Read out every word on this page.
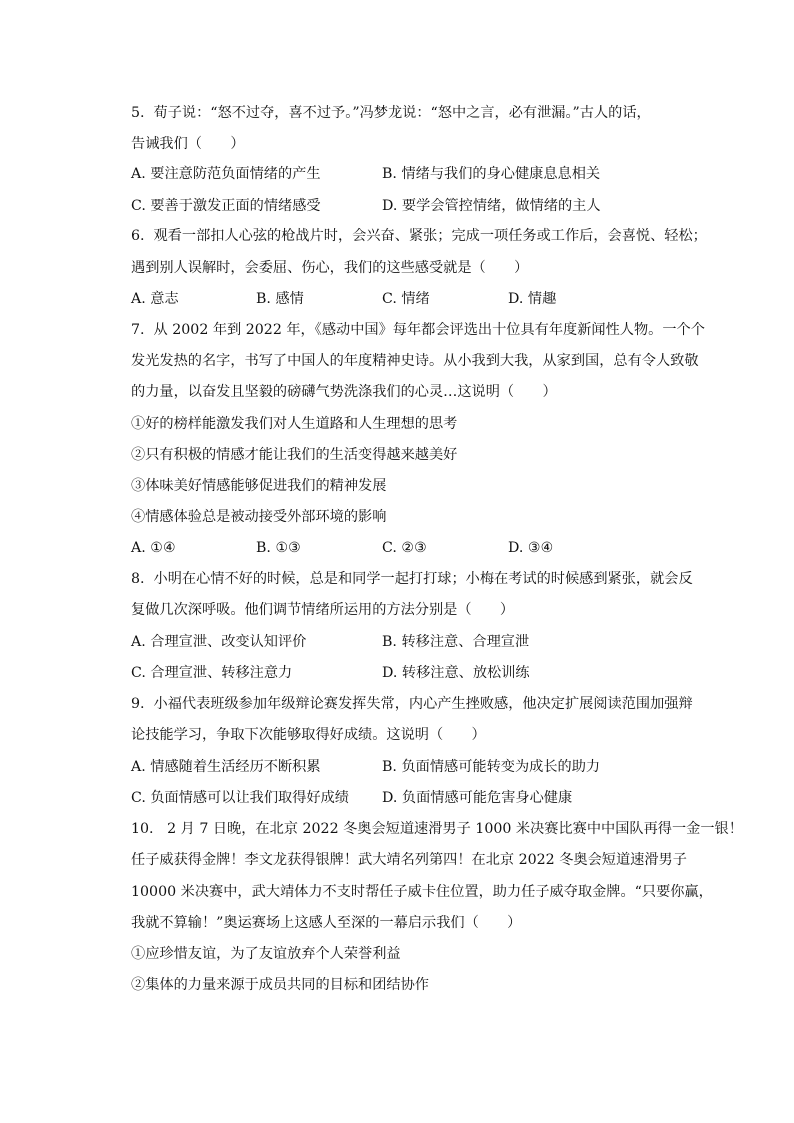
5.  荀子说：“怒不过夺，喜不过予。”冯梦龙说：“怒中之言，必有泄漏。”古人的话，
告诫我们（　　）
A. 要注意防范负面情绪的产生	B. 情绪与我们的身心健康息息相关
C. 要善于激发正面的情绪感受	D. 要学会管控情绪，做情绪的主人
6.  观看一部扣人心弦的枪战片时，会兴奋、紧张；完成一项任务或工作后，会喜悦、轻松；
遇到别人误解时，会委屈、伤心，我们的这些感受就是（　　）
A. 意志	B. 感情	C. 情绪	D. 情趣
7.  从 2002 年到 2022 年，《感动中国》每年都会评选出十位具有年度新闻性人物。一个个
发光发热的名字，书写了中国人的年度精神史诗。从小我到大我，从家到国，总有令人致敬
的力量，以奋发且坚毅的磅礴气势洗涤我们的心灵…这说明（　　）
①好的榜样能激发我们对人生道路和人生理想的思考
②只有积极的情感才能让我们的生活变得越来越美好
③体味美好情感能够促进我们的精神发展
④情感体验总是被动接受外部环境的影响
A. ①④	B. ①③	C. ②③	D. ③④
8.  小明在心情不好的时候，总是和同学一起打打球；小梅在考试的时候感到紧张，就会反
复做几次深呼吸。他们调节情绪所运用的方法分别是（　　）
A. 合理宣泄、改变认知评价	B. 转移注意、合理宣泄
C. 合理宣泄、转移注意力	D. 转移注意、放松训练
9.  小福代表班级参加年级辩论赛发挥失常，内心产生挫败感，他决定扩展阅读范围加强辩
论技能学习，争取下次能够取得好成绩。这说明（　　）
A. 情感随着生活经历不断积累	B. 负面情感可能转变为成长的助力
C. 负面情感可以让我们取得好成绩 D. 负面情感可能危害身心健康
10.   2 月 7 日晚，在北京 2022 冬奥会短道速滑男子 1000 米决赛比赛中中国队再得一金一银！
任子威获得金牌！李文龙获得银牌！武大靖名列第四！在北京 2022 冬奥会短道速滑男子
10000 米决赛中，武大靖体力不支时帮任子威卡住位置，助力任子威夺取金牌。“只要你赢，
我就不算输！”奥运赛场上这感人至深的一幕启示我们（　　）
①应珍惜友谊，为了友谊放弃个人荣誉利益
②集体的力量来源于成员共同的目标和团结协作
